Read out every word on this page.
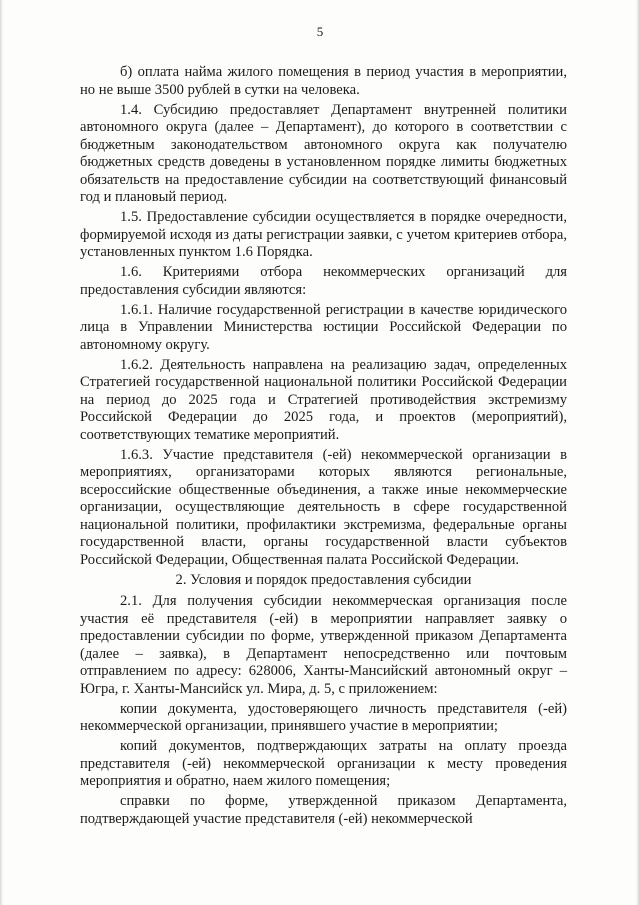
5

б) оплата найма жилого помещения в период участия в мероприятии, но не выше 3500 рублей в сутки на человека.

1.4. Субсидию предоставляет Департамент внутренней политики автономного округа (далее – Департамент), до которого в соответствии с бюджетным законодательством автономного округа как получателю бюджетных средств доведены в установленном порядке лимиты бюджетных обязательств на предоставление субсидии на соответствующий финансовый год и плановый период.

1.5. Предоставление субсидии осуществляется в порядке очередности, формируемой исходя из даты регистрации заявки, с учетом критериев отбора, установленных пунктом 1.6 Порядка.

1.6. Критериями отбора некоммерческих организаций для предоставления субсидии являются:

1.6.1. Наличие государственной регистрации в качестве юридического лица в Управлении Министерства юстиции Российской Федерации по автономному округу.

1.6.2. Деятельность направлена на реализацию задач, определенных Стратегией государственной национальной политики Российской Федерации на период до 2025 года и Стратегией противодействия экстремизму Российской Федерации до 2025 года, и проектов (мероприятий), соответствующих тематике мероприятий.

1.6.3. Участие представителя (-ей) некоммерческой организации в мероприятиях, организаторами которых являются региональные, всероссийские общественные объединения, а также иные некоммерческие организации, осуществляющие деятельность в сфере государственной национальной политики, профилактики экстремизма, федеральные органы государственной власти, органы государственной власти субъектов Российской Федерации, Общественная палата Российской Федерации.

2. Условия и порядок предоставления субсидии

2.1. Для получения субсидии некоммерческая организация после участия её представителя (-ей) в мероприятии направляет заявку о предоставлении субсидии по форме, утвержденной приказом Департамента (далее – заявка), в Департамент непосредственно или почтовым отправлением по адресу: 628006, Ханты-Мансийский автономный округ – Югра, г. Ханты-Мансийск ул. Мира, д. 5, с приложением:

копии документа, удостоверяющего личность представителя (-ей) некоммерческой организации, принявшего участие в мероприятии;

копий документов, подтверждающих затраты на оплату проезда представителя (-ей) некоммерческой организации к месту проведения мероприятия и обратно, наем жилого помещения;

справки по форме, утвержденной приказом Департамента, подтверждающей участие представителя (-ей) некоммерческой
